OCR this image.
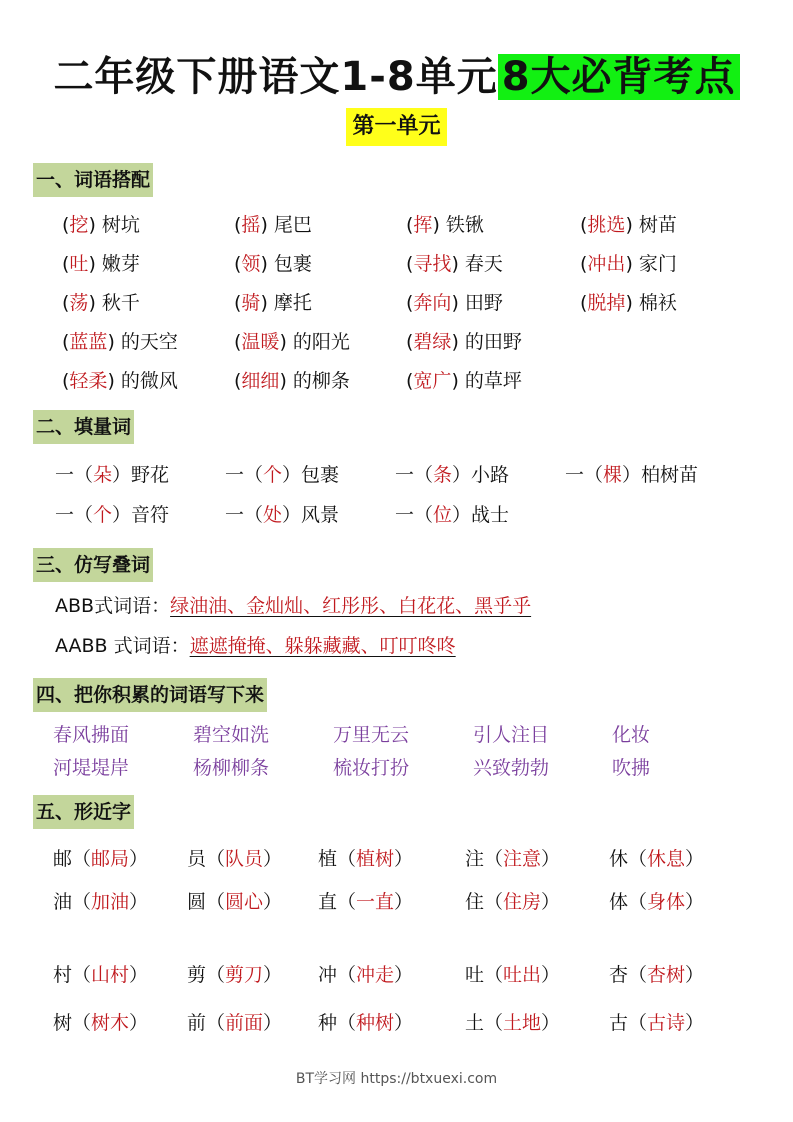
二年级下册语文1-8单元 8大必背考点
第一单元
一、词语搭配
(挖) 树坑	(摇) 尾巴	(挥) 铁锹	(挑选) 树苗
(吐) 嫩芽	(领) 包裹	(寻找) 春天	(冲出) 家门
(荡) 秋千	(骑) 摩托	(奔向) 田野	(脱掉) 棉袄
(蓝蓝) 的天空	(温暖) 的阳光	(碧绿) 的田野
(轻柔) 的微风	(细细) 的柳条	(宽广) 的草坪
二、填量词
一（朵）野花	一（个）包裹	一（条）小路	一（棵）柏树苗
一（个）音符	一（处）风景	一（位）战士
三、仿写叠词
ABB式词语：绿油油、金灿灿、红彤彤、白花花、黑乎乎
AABB 式词语：遮遮掩掩、躲躲藏藏、叮叮咚咚
四、把你积累的词语写下来
春风拂面	碧空如洗	万里无云	引人注目	化妆
河堤堤岸	杨柳柳条	梳妆打扮	兴致勃勃	吹拂
五、形近字
邮（邮局） 员（队员） 植（植树）	注（注意）	休（休息）
油（加油） 圆（圆心） 直（一直）	住（住房）	体（身体）
村（山村） 剪（剪刀） 冲（冲走）	吐（吐出）	杏（杏树）
树（树木） 前（前面） 种（种树）	土（土地）	古（古诗）
BT学习网 https://btxuexi.com
